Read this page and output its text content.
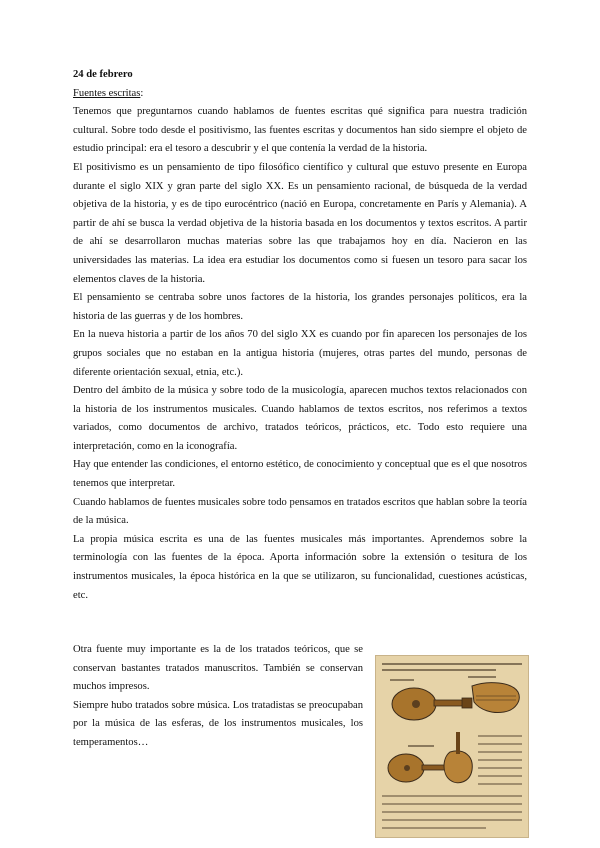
24 de febrero

Fuentes escritas:

Tenemos que preguntarnos cuando hablamos de fuentes escritas qué significa para nuestra tradición cultural. Sobre todo desde el positivismo, las fuentes escritas y documentos han sido siempre el objeto de estudio principal: era el tesoro a descubrir y el que contenía la verdad de la historia.

El positivismo es un pensamiento de tipo filosófico científico y cultural que estuvo presente en Europa durante el siglo XIX y gran parte del siglo XX. Es un pensamiento racional, de búsqueda de la verdad objetiva de la historia, y es de tipo eurocéntrico (nació en Europa, concretamente en París y Alemania). A partir de ahí se busca la verdad objetiva de la historia basada en los documentos y textos escritos. A partir de ahí se desarrollaron muchas materias sobre las que trabajamos hoy en día. Nacieron en las universidades las materias. La idea era estudiar los documentos como si fuesen un tesoro para sacar los elementos claves de la historia.

El pensamiento se centraba sobre unos factores de la historia, los grandes personajes políticos, era la historia de las guerras y de los hombres.

En la nueva historia a partir de los años 70 del siglo XX es cuando por fin aparecen los personajes de los grupos sociales que no estaban en la antigua historia (mujeres, otras partes del mundo, personas de diferente orientación sexual, etnia, etc.).

Dentro del ámbito de la música y sobre todo de la musicología, aparecen muchos textos relacionados con la historia de los instrumentos musicales. Cuando hablamos de textos escritos, nos referimos a textos variados, como documentos de archivo, tratados teóricos, prácticos, etc. Todo esto requiere una interpretación, como en la iconografía.

Hay que entender las condiciones, el entorno estético, de conocimiento y conceptual que es el que nosotros tenemos que interpretar.

Cuando hablamos de fuentes musicales sobre todo pensamos en tratados escritos que hablan sobre la teoría de la música.

La propia música escrita es una de las fuentes musicales más importantes. Aprendemos sobre la terminología con las fuentes de la época. Aporta información sobre la extensión o tesitura de los instrumentos musicales, la época histórica en la que se utilizaron, su funcionalidad, cuestiones acústicas, etc.

Otra fuente muy importante es la de los tratados teóricos, que se conservan bastantes tratados manuscritos. También se conservan muchos impresos.

Siempre hubo tratados sobre música. Los tratadistas se preocupaban por la música de las esferas, de los instrumentos musicales, los temperamentos…
